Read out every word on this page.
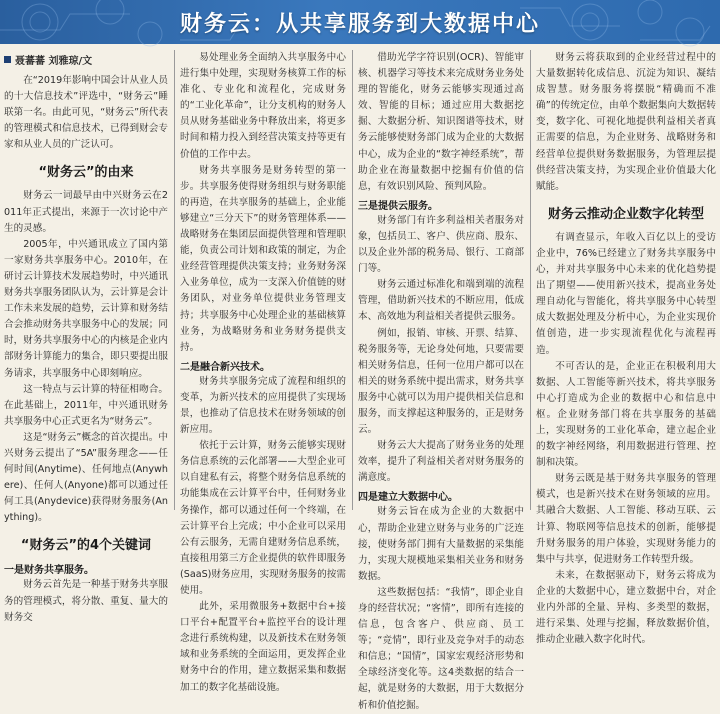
财务云：从共享服务到大数据中心
聂蕃蕃 刘雅琼/文

在“2019年影响中国会计从业人员的十大信息技术”评选中，“财务云”睡联第一名。由此可见，“财务云”所代表的管理模式和信息技术，已得到财会专家和从业人员的广泛认可。

“财务云”的由来

财务云一词最早由中兴财务云在2011年正式提出，来源于一次讨论中产生的灵感。

2005年，中兴通讯成立了国内第一家财务共享服务中心。2010年，在研讨云计算技术发展趋势时，中兴通讯财务共享服务团队认为，云计算是会计工作未来发展的趋势，云计算和财务结合会推动财务共享服务中心的发展；同时，财务共享服务中心的内核是企业内部财务计算能力的集合，即只要提出服务请求，共享服务中心即刻响应。

这一特点与云计算的特征相吻合。在此基础上，2011年，中兴通讯财务共享服务中心正式更名为“财务云”。

这是“财务云”概念的首次提出。中兴财务云提出了“5A”服务理念——任何时间(Anytime)、任何地点(Anywhere)、任何人(Anyone)都可以通过任何工具(Anydevice)获得财务服务(Anything)。

“财务云”的4个关键词
一是财务共享服务。

财务云首先是一种基于财务共享服务的管理模式，将分散、重复、量大的财务交

易处理业务全面纳入共享服务中心进行集中处理，实现财务核算工作的标准化、专业化和流程化，完成财务的“工业化革命”，让分支机构的财务人员从财务基础业务中释放出来，将更多时间和精力投入到经营决策支持等更有价值的工作中去。

财务共享服务是财务转型的第一步。共享服务使得财务组织与财务职能的再造，在共享服务的基础上，企业能够建立“三分天下”的财务管理体系——战略财务在集团层面提供管理和管理职能，负责公司计划和政策的制定，为企业经营管理提供决策支持；业务财务深入业务单位，成为一支深入价值链的财务团队，对业务单位提供业务管理支持；共享服务中心处理企业的基础核算业务，为战略财务和业务财务提供支持。

二是融合新兴技术。

财务共享服务完成了流程和组织的变革，为新兴技术的应用提供了实现场景，也推动了信息技术在财务领域的创新应用。

依托于云计算，财务云能够实现财务信息系统的云化部署——大型企业可以自建私有云，将整个财务信息系统的功能集成在云计算平台中，任何财务业务操作，都可以通过任何一个终端，在云计算平台上完成；中小企业可以采用公有云服务，无需自建财务信息系统，直接租用第三方企业提供的软件即服务(SaaS)财务应用，实现财务服务的按需使用。

此外，采用微服务+数据中台+接口平台+配置平台+监控平台的设计理念进行系统构建，以及新技术在财务领域和业务系统的全面运用，更发挥企业财务中台的作用，建立数据采集和数据加工的数字化基础设施。

借助光学字符识别(OCR)、智能审核、机器学习等技术来完成财务业务处理的智能化，财务云能够实现通过高效、智能的目标；通过应用大数据挖掘、大数据分析、知识图谱等技术，财务云能够使财务部门成为企业的大数据中心，成为企业的“数字神经系统”，帮助企业在海量数据中挖掘有价值的信息，有效识别风险、预判风险。

三是提供云服务。

财务部门有许多利益相关者服务对象，包括员工、客户、供应商、股东、以及企业外部的税务局、银行、工商部门等。

财务云通过标准化和端到端的流程管理，借助新兴技术的不断应用，低成本、高效地为利益相关者提供云服务。

例如，报销、审核、开票、结算、税务服务等，无论身处何地，只要需要相关财务信息，任何一位用户都可以在相关的财务系统中提出需求，财务共享服务中心就可以为用户提供相关信息和服务，而支撑起这种服务的，正是财务云。

财务云大大提高了财务业务的处理效率，提升了利益相关者对财务服务的满意度。

四是建立大数据中心。

财务云旨在成为企业的大数据中心，帮助企业建立财务与业务的广泛连接，使财务部门拥有大量数据的采集能力，实现大规模地采集相关业务和财务数据。

这些数据包括：“我情”，即企业自身的经营状况；“客情”，即所有连接的信息，包含客户、供应商、员工等；“竞情”，即行业及竞争对手的动态和信息；“国情”，国家宏观经济形势和全球经济变化等。这4类数据的结合一起，就是财务的大数据，用于大数据分析和价值挖掘。

财务云将获取到的企业经营过程中的大量数据转化成信息、沉淀为知识、凝结成智慧。财务服务将摆脱“精确而不准确”的传统定位，由单个数据集向大数据转变，数字化、可视化地提供利益相关者真正需要的信息，为企业财务、战略财务和经营单位提供财务数据服务，为管理层提供经营决策支持，为实现企业价值最大化赋能。

财务云推动企业数字化转型

有调查显示，年收入百亿以上的受访企业中，76%已经建立了财务共享服务中心，并对共享服务中心未来的优化趋势提出了期望——使用新兴技术，提高业务处理自动化与智能化，将共享服务中心转型成大数据处理及分析中心，为企业实现价值创造，进一步实现流程优化与流程再造。

不可否认的是，企业正在积极利用大数据、人工智能等新兴技术，将共享服务中心打造成为企业的数据中心和信息中枢。企业财务部门将在共享服务的基础上，实现财务的工业化革命，建立起企业的数字神经网络，利用数据进行管理、控制和决策。

财务云既是基于财务共享服务的管理模式，也是新兴技术在财务领域的应用。其融合大数据、人工智能、移动互联、云计算、物联网等信息技术的创新，能够提升财务服务的用户体验，实现财务能力的集中与共享，促进财务工作转型升级。

未来，在数据驱动下，财务云将成为企业的大数据中心，建立数据中台，对企业内外部的全量、异构、多类型的数据，进行采集、处理与挖掘，释放数据价值，推动企业融入数字化时代。
